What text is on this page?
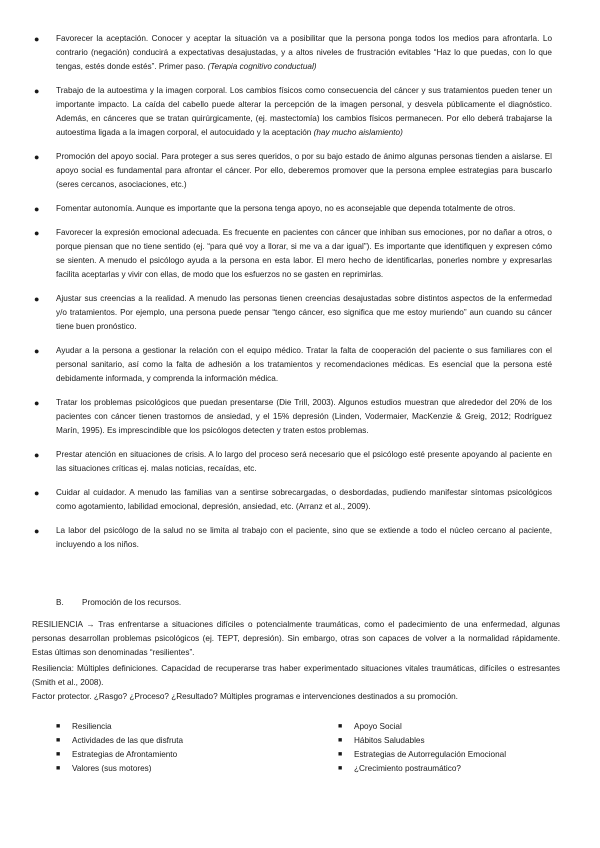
● Favorecer la aceptación. Conocer y aceptar la situación va a posibilitar que la persona ponga todos los medios para afrontarla. Lo contrario (negación) conducirá a expectativas desajustadas, y a altos niveles de frustración evitables “Haz lo que puedas, con lo que tengas, estés donde estés”. Primer paso. (Terapia cognitivo conductual)
● Trabajo de la autoestima y la imagen corporal. Los cambios físicos como consecuencia del cáncer y sus tratamientos pueden tener un importante impacto. La caída del cabello puede alterar la percepción de la imagen personal, y desvela públicamente el diagnóstico. Además, en cánceres que se tratan quirúrgicamente, (ej. mastectomía) los cambios físicos permanecen. Por ello deberá trabajarse la autoestima ligada a la imagen corporal, el autocuidado y la aceptación (hay mucho aislamiento)
● Promoción del apoyo social. Para proteger a sus seres queridos, o por su bajo estado de ánimo algunas personas tienden a aislarse. El apoyo social es fundamental para afrontar el cáncer. Por ello, deberemos promover que la persona emplee estrategias para buscarlo (seres cercanos, asociaciones, etc.)
● Fomentar autonomía. Aunque es importante que la persona tenga apoyo, no es aconsejable que dependa totalmente de otros.
● Favorecer la expresión emocional adecuada. Es frecuente en pacientes con cáncer que inhiban sus emociones, por no dañar a otros, o porque piensan que no tiene sentido (ej. “para qué voy a llorar, si me va a dar igual”). Es importante que identifiquen y expresen cómo se sienten. A menudo el psicólogo ayuda a la persona en esta labor. El mero hecho de identificarlas, ponerles nombre y expresarlas facilita aceptarlas y vivir con ellas, de modo que los esfuerzos no se gasten en reprimirlas.
● Ajustar sus creencias a la realidad. A menudo las personas tienen creencias desajustadas sobre distintos aspectos de la enfermedad y/o tratamientos. Por ejemplo, una persona puede pensar “tengo cáncer, eso significa que me estoy muriendo” aun cuando su cáncer tiene buen pronóstico.
● Ayudar a la persona a gestionar la relación con el equipo médico. Tratar la falta de cooperación del paciente o sus familiares con el personal sanitario, así como la falta de adhesión a los tratamientos y recomendaciones médicas. Es esencial que la persona esté debidamente informada, y comprenda la información médica.
● Tratar los problemas psicológicos que puedan presentarse (Die Trill, 2003). Algunos estudios muestran que alrededor del 20% de los pacientes con cáncer tienen trastornos de ansiedad, y el 15% depresión (Linden, Vodermaier, MacKenzie & Greig, 2012; Rodríguez Marín, 1995). Es imprescindible que los psicólogos detecten y traten estos problemas.
● Prestar atención en situaciones de crisis. A lo largo del proceso será necesario que el psicólogo esté presente apoyando al paciente en las situaciones críticas ej. malas noticias, recaídas, etc.
● Cuidar al cuidador. A menudo las familias van a sentirse sobrecargadas, o desbordadas, pudiendo manifestar síntomas psicológicos como agotamiento, labilidad emocional, depresión, ansiedad, etc. (Arranz et al., 2009).
● La labor del psicólogo de la salud no se limita al trabajo con el paciente, sino que se extiende a todo el núcleo cercano al paciente, incluyendo a los niños.
B. Promoción de los recursos.
RESILIENCIA → Tras enfrentarse a situaciones difíciles o potencialmente traumáticas, como el padecimiento de una enfermedad, algunas personas desarrollan problemas psicológicos (ej. TEPT, depresión). Sin embargo, otras son capaces de volver a la normalidad rápidamente. Estas últimas son denominadas “resilientes”.
Resiliencia: Múltiples definiciones. Capacidad de recuperarse tras haber experimentado situaciones vitales traumáticas, difíciles o estresantes (Smith et al., 2008).
Factor protector. ¿Rasgo? ¿Proceso? ¿Resultado? Múltiples programas e intervenciones destinados a su promoción.
■ Resiliencia
■ Actividades de las que disfruta
■ Estrategias de Afrontamiento
■ Valores (sus motores)
■ Apoyo Social
■ Hábitos Saludables
■ Estrategias de Autorregulación Emocional
■ ¿Crecimiento postraumático?
